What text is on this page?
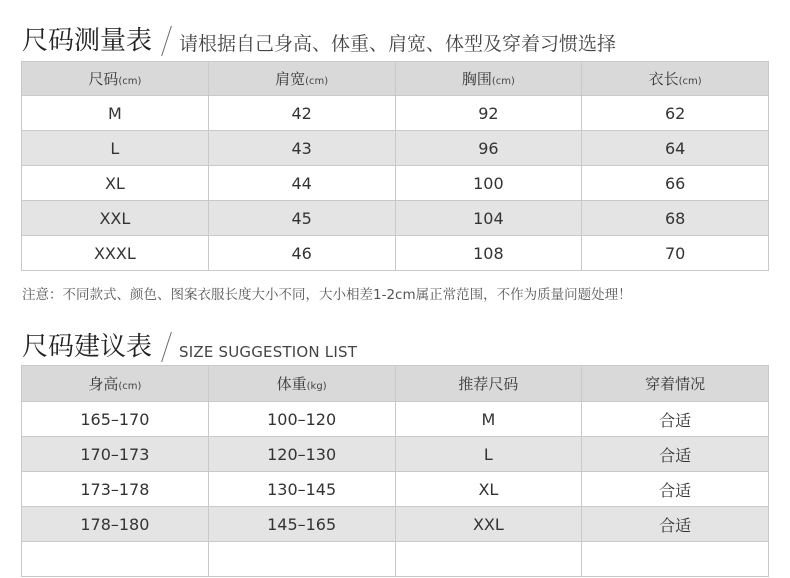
尺码测量表 请根据自己身高、体重、肩宽、体型及穿着习惯选择
尺码(cm)	肩宽(cm)	胸围(cm)	衣长(cm)
M	42	92	62
L	43	96	64
XL	44	100	66
XXL	45	104	68
XXXL	46	108	70
注意：不同款式、颜色、图案衣服长度大小不同，大小相差1-2cm属正常范围，不作为质量问题处理！
尺码建议表 SIZE SUGGESTION LIST
身高(cm)	体重(kg)	推荐尺码	穿着情况
165–170	100–120	M	合适
170–173	120–130	L	合适
173–178	130–145	XL	合适
178–180	145–165	XXL	合适
